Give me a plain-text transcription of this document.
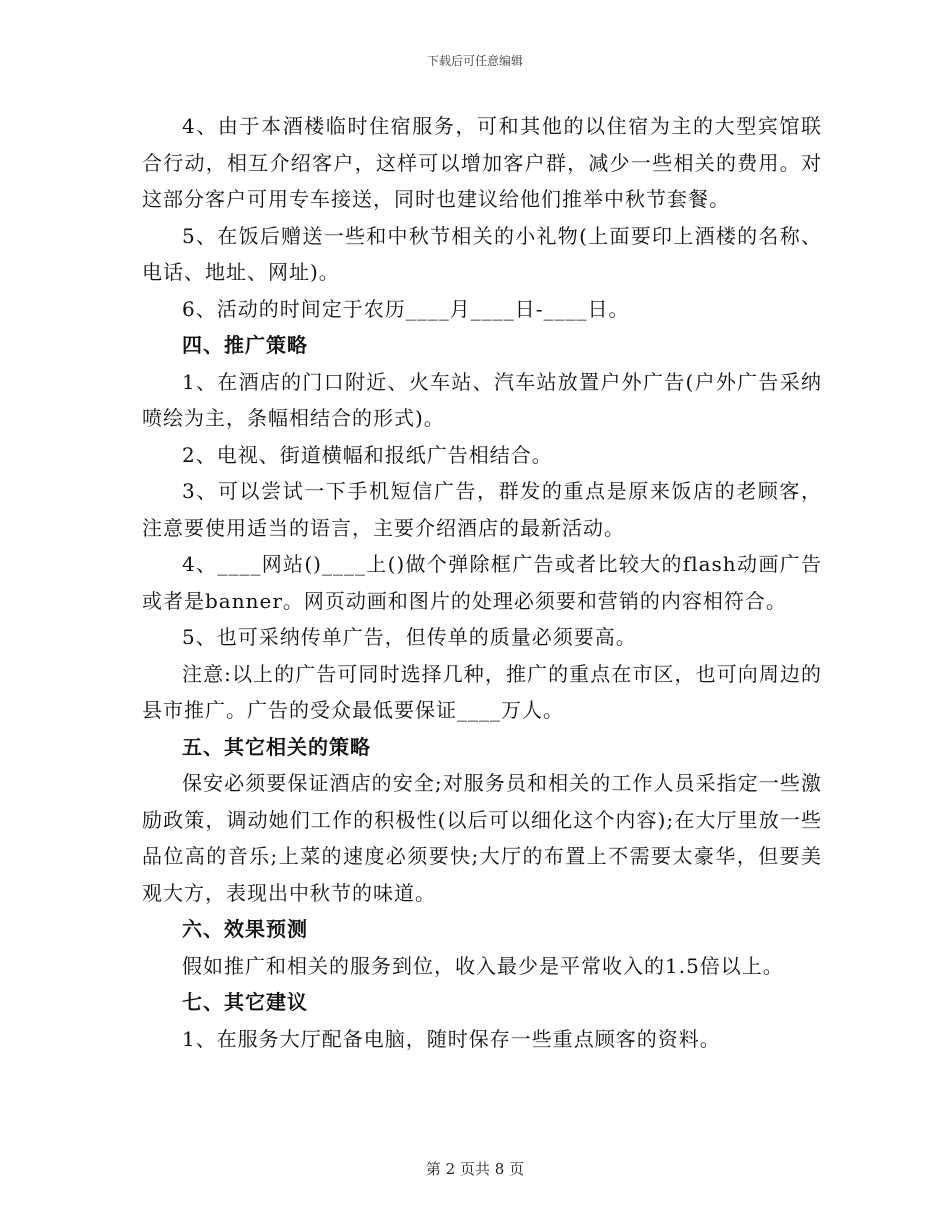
下载后可任意编辑

4、由于本酒楼临时住宿服务，可和其他的以住宿为主的大型宾馆联合行动，相互介绍客户，这样可以增加客户群，减少一些相关的费用。对这部分客户可用专车接送，同时也建议给他们推举中秋节套餐。

5、在饭后赠送一些和中秋节相关的小礼物(上面要印上酒楼的名称、电话、地址、网址)。

6、活动的时间定于农历____月____日-____日。

四、推广策略

1、在酒店的门口附近、火车站、汽车站放置户外广告(户外广告采纳喷绘为主，条幅相结合的形式)。

2、电视、街道横幅和报纸广告相结合。

3、可以尝试一下手机短信广告，群发的重点是原来饭店的老顾客，注意要使用适当的语言，主要介绍酒店的最新活动。

4、____网站()____上()做个弹除框广告或者比较大的flash动画广告或者是banner。网页动画和图片的处理必须要和营销的内容相符合。

5、也可采纳传单广告，但传单的质量必须要高。

注意:以上的广告可同时选择几种，推广的重点在市区，也可向周边的县市推广。广告的受众最低要保证____万人。

五、其它相关的策略

保安必须要保证酒店的安全;对服务员和相关的工作人员采指定一些激励政策，调动她们工作的积极性(以后可以细化这个内容);在大厅里放一些品位高的音乐;上菜的速度必须要快;大厅的布置上不需要太豪华，但要美观大方，表现出中秋节的味道。

六、效果预测

假如推广和相关的服务到位，收入最少是平常收入的1.5倍以上。

七、其它建议

1、在服务大厅配备电脑，随时保存一些重点顾客的资料。

第 2 页共 8 页
